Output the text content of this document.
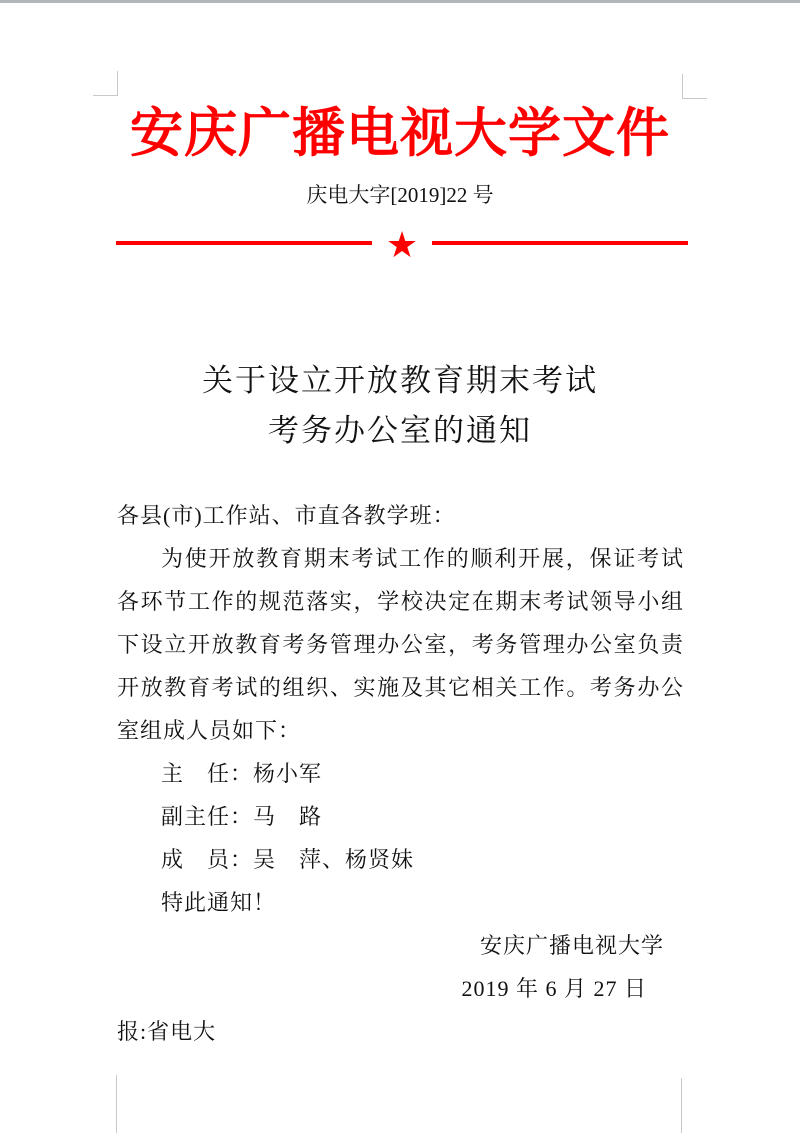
安庆广播电视大学文件
庆电大字[2019]22 号
★
关于设立开放教育期末考试
考务办公室的通知

各县(市)工作站、市直各教学班：

为使开放教育期末考试工作的顺利开展，保证考试各环节工作的规范落实，学校决定在期末考试领导小组下设立开放教育考务管理办公室，考务管理办公室负责开放教育考试的组织、实施及其它相关工作。考务办公室组成人员如下：

主　任：杨小军

副主任：马　路

成　员：吴　萍、杨贤妹

特此通知！

安庆广播电视大学

2019 年 6 月 27 日

报:省电大
